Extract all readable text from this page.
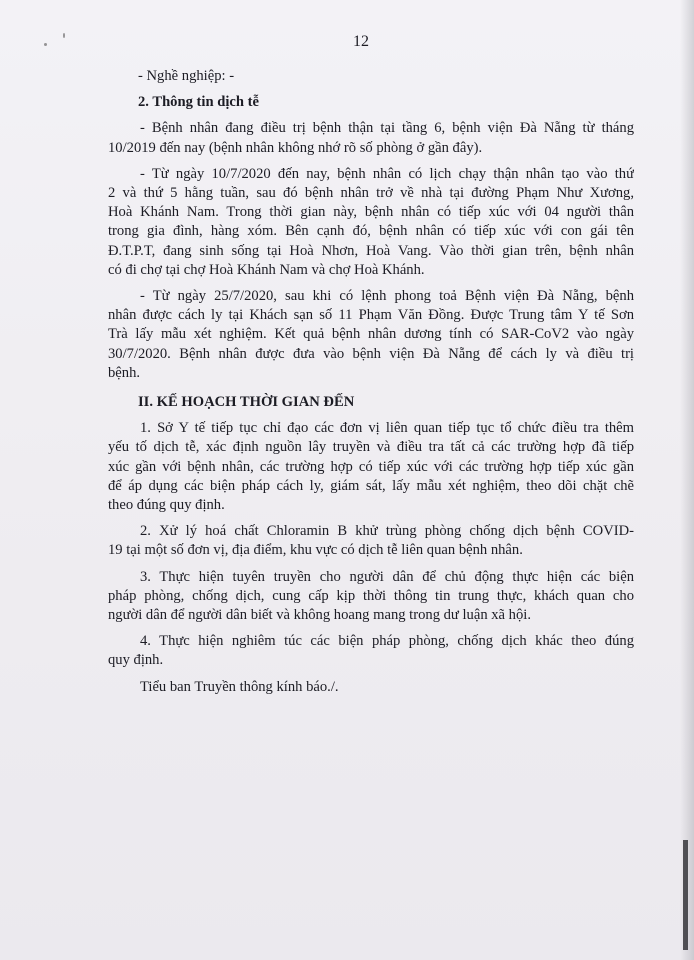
12
- Nghề nghiệp: -
2. Thông tin dịch tễ
- Bệnh nhân đang điều trị bệnh thận tại tầng 6, bệnh viện Đà Nẵng từ tháng
10/2019 đến nay (bệnh nhân không nhớ rõ số phòng ở gần đây).
- Từ ngày 10/7/2020 đến nay, bệnh nhân có lịch chạy thận nhân tạo vào thứ
2 và thứ 5 hằng tuần, sau đó bệnh nhân trở về nhà tại đường Phạm Như Xương,
Hoà Khánh Nam. Trong thời gian này, bệnh nhân có tiếp xúc với 04 người thân
trong gia đình, hàng xóm. Bên cạnh đó, bệnh nhân có tiếp xúc với con gái tên
Đ.T.P.T, đang sinh sống tại Hoà Nhơn, Hoà Vang. Vào thời gian trên, bệnh nhân
có đi chợ tại chợ Hoà Khánh Nam và chợ Hoà Khánh.
- Từ ngày 25/7/2020, sau khi có lệnh phong toả Bệnh viện Đà Nẵng, bệnh
nhân được cách ly tại Khách sạn số 11 Phạm Văn Đồng. Được Trung tâm Y tế Sơn
Trà lấy mẫu xét nghiệm. Kết quả bệnh nhân dương tính có SAR-CoV2 vào ngày
30/7/2020. Bệnh nhân được đưa vào bệnh viện Đà Nẵng để cách ly và điều trị
bệnh.
II. KẾ HOẠCH THỜI GIAN ĐẾN
1. Sở Y tế tiếp tục chỉ đạo các đơn vị liên quan tiếp tục tổ chức điều tra thêm
yếu tố dịch tễ, xác định nguồn lây truyền và điều tra tất cả các trường hợp đã tiếp
xúc gần với bệnh nhân, các trường hợp có tiếp xúc với các trường hợp tiếp xúc gần
để áp dụng các biện pháp cách ly, giám sát, lấy mẫu xét nghiệm, theo dõi chặt chẽ
theo đúng quy định.
2. Xử lý hoá chất Chloramin B khử trùng phòng chống dịch bệnh COVID-
19 tại một số đơn vị, địa điểm, khu vực có dịch tễ liên quan bệnh nhân.
3. Thực hiện tuyên truyền cho người dân để chủ động thực hiện các biện
pháp phòng, chống dịch, cung cấp kịp thời thông tin trung thực, khách quan cho
người dân để người dân biết và không hoang mang trong dư luận xã hội.
4. Thực hiện nghiêm túc các biện pháp phòng, chống dịch khác theo đúng
quy định.
Tiểu ban Truyền thông kính báo./.
